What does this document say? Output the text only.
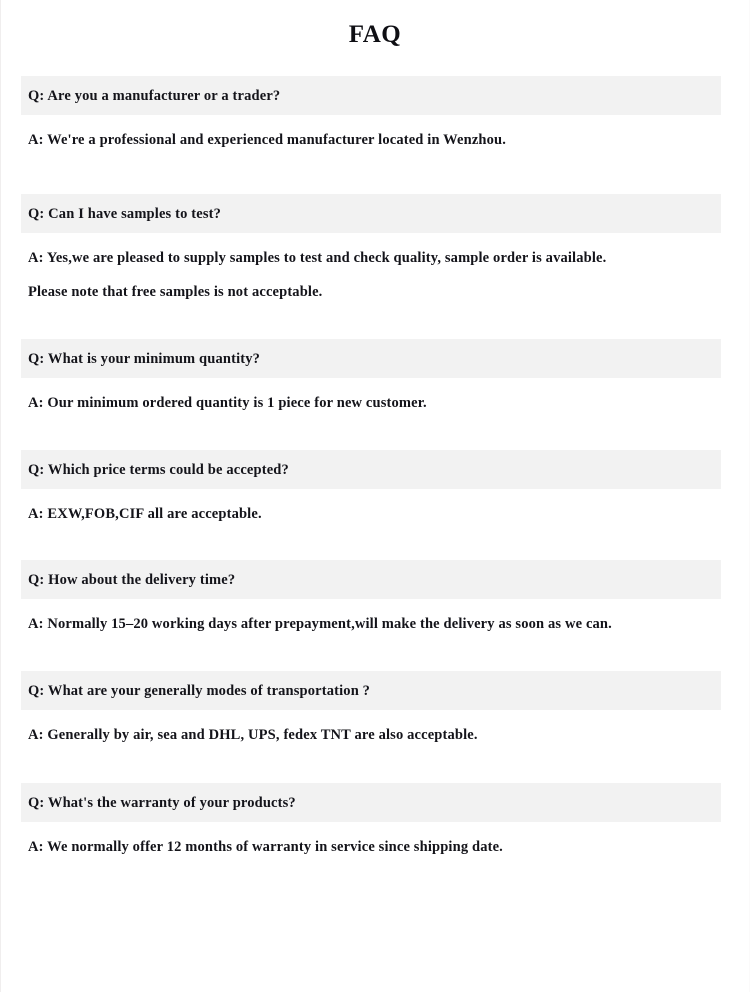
FAQ
Q: Are you a manufacturer or a trader?

A: We're a professional and experienced manufacturer located in Wenzhou.

Q: Can I have samples to test?

A: Yes,we are pleased to supply samples to test and check quality, sample order is available.

Please note that free samples is not acceptable.

Q: What is your minimum quantity?

A: Our minimum ordered quantity is 1 piece for new customer.

Q: Which price terms could be accepted?

A: EXW,FOB,CIF all are acceptable.

Q: How about the delivery time?

A: Normally 15–20 working days after prepayment,will make the delivery as soon as we can.

Q: What are your generally modes of transportation ?

A: Generally by air, sea and DHL, UPS, fedex TNT are also acceptable.

Q: What's the warranty of your products?

A: We normally offer 12 months of warranty in service since shipping date.
